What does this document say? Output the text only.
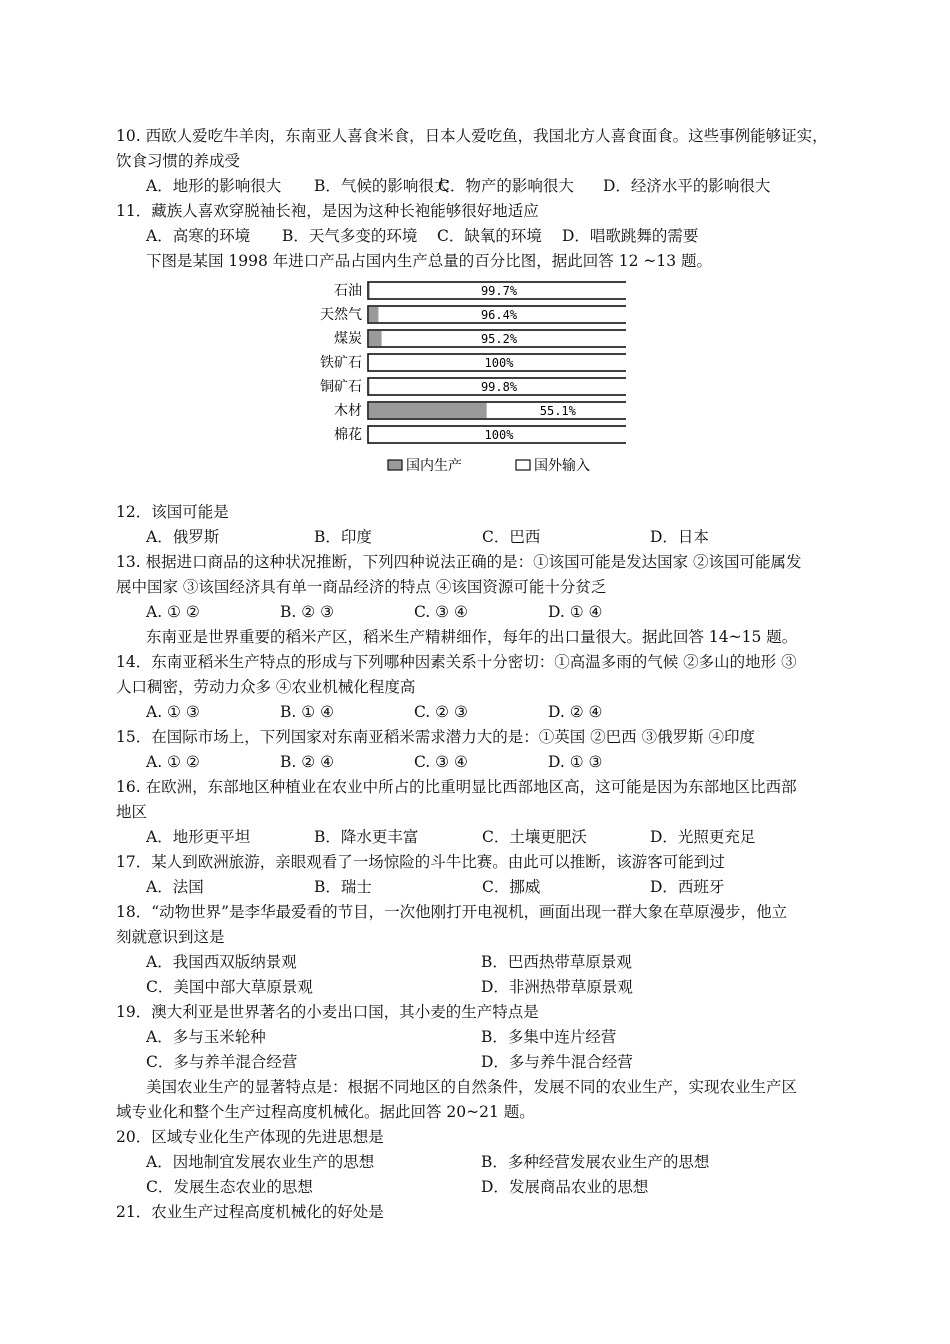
10. 西欧人爱吃牛羊肉，东南亚人喜食米食，日本人爱吃鱼，我国北方人喜食面食。这些事例能够证实，
饮食习惯的养成受
A．地形的影响很大	B．气候的影响很大
C．物产的影响很大	D．经济水平的影响很大
11．藏族人喜欢穿脱袖长袍，是因为这种长袍能够很好地适应
A．高寒的环境	B．天气多变的环境	C．缺氧的环境	D．唱歌跳舞的需要
下图是某国 1998 年进口产品占国内生产总量的百分比图，据此回答 12 ~13 题。
石油	99.7%
天然气	96.4%
煤炭	95.2%
铁矿石	100%
铜矿石	99.8%
木材	55.1%
棉花	100%
国内生产	国外输入
12．该国可能是
A．俄罗斯	B．印度	C．巴西	D．日本
13. 根据进口商品的这种状况推断，下列四种说法正确的是：①该国可能是发达国家 ②该国可能属发
展中国家 ③该国经济具有单一商品经济的特点 ④该国资源可能十分贫乏
A. ① ②	B. ② ③	C. ③ ④	D. ① ④
东南亚是世界重要的稻米产区，稻米生产精耕细作，每年的出口量很大。据此回答 14~15 题。
14．东南亚稻米生产特点的形成与下列哪种因素关系十分密切：①高温多雨的气候 ②多山的地形 ③
人口稠密，劳动力众多 ④农业机械化程度高
A. ① ③	B. ① ④	C. ② ③	D. ② ④
15．在国际市场上，下列国家对东南亚稻米需求潜力大的是：①英国 ②巴西 ③俄罗斯 ④印度
A. ① ②	B. ② ④	C. ③ ④	D. ① ③
16. 在欧洲，东部地区种植业在农业中所占的比重明显比西部地区高，这可能是因为东部地区比西部
地区
A．地形更平坦	B．降水更丰富	C．土壤更肥沃	D．光照更充足
17．某人到欧洲旅游，亲眼观看了一场惊险的斗牛比赛。由此可以推断，该游客可能到过
A．法国	B．瑞士	C．挪威	D．西班牙
18．“动物世界”是李华最爱看的节目，一次他刚打开电视机，画面出现一群大象在草原漫步，他立
刻就意识到这是
A．我国西双版纳景观	B．巴西热带草原景观
C．美国中部大草原景观	D．非洲热带草原景观
19．澳大利亚是世界著名的小麦出口国，其小麦的生产特点是
A．多与玉米轮种	B．多集中连片经营
C．多与养羊混合经营	D．多与养牛混合经营
美国农业生产的显著特点是：根据不同地区的自然条件，发展不同的农业生产，实现农业生产区
域专业化和整个生产过程高度机械化。据此回答 20~21 题。
20．区域专业化生产体现的先进思想是
A．因地制宜发展农业生产的思想	B．多种经营发展农业生产的思想
C．发展生态农业的思想	D．发展商品农业的思想
21．农业生产过程高度机械化的好处是
